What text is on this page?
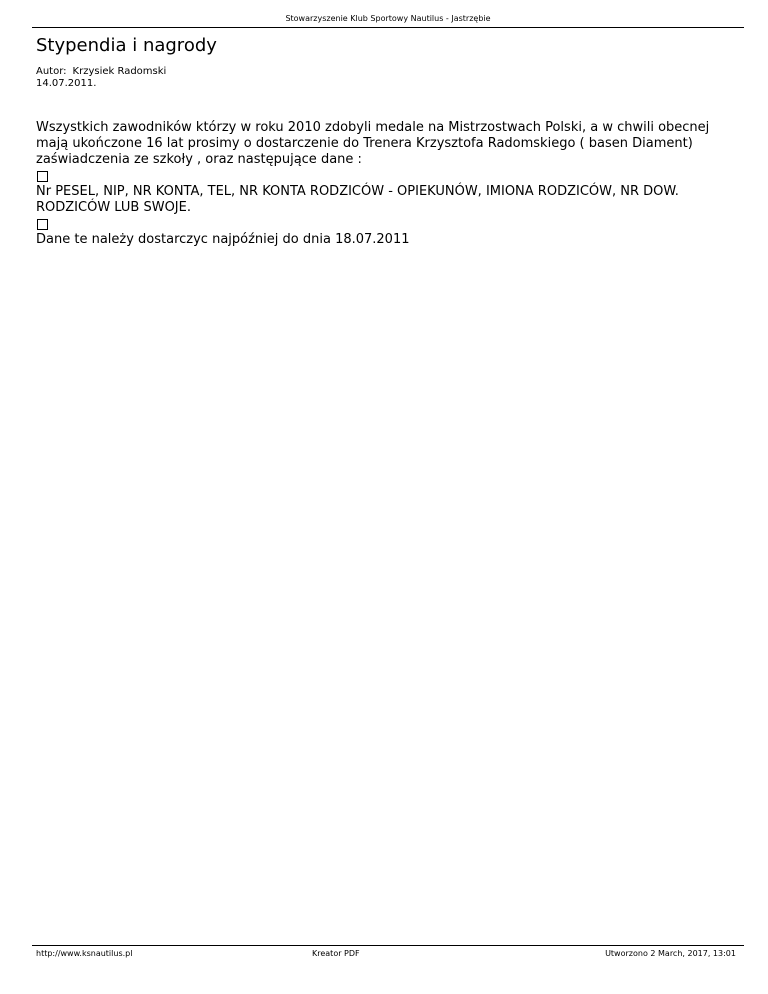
Stowarzyszenie Klub Sportowy Nautilus - Jastrzębie
Stypendia i nagrody
Autor: Krzysiek Radomski
14.07.2011.

Wszystkich zawodników którzy w roku 2010 zdobyli medale na Mistrzostwach Polski, a w chwili obecnej mają ukończone 16 lat prosimy o dostarczenie do Trenera Krzysztofa Radomskiego ( basen Diament) zaświadczenia ze szkoły , oraz następujące dane :

Nr PESEL, NIP, NR KONTA, TEL, NR KONTA RODZICÓW - OPIEKUNÓW, IMIONA RODZICÓW, NR DOW. RODZICÓW LUB SWOJE.

Dane te należy dostarczyc najpóźniej do dnia 18.07.2011

http://www.ksnautilus.pl	Kreator PDF	Utworzono 2 March, 2017, 13:01
